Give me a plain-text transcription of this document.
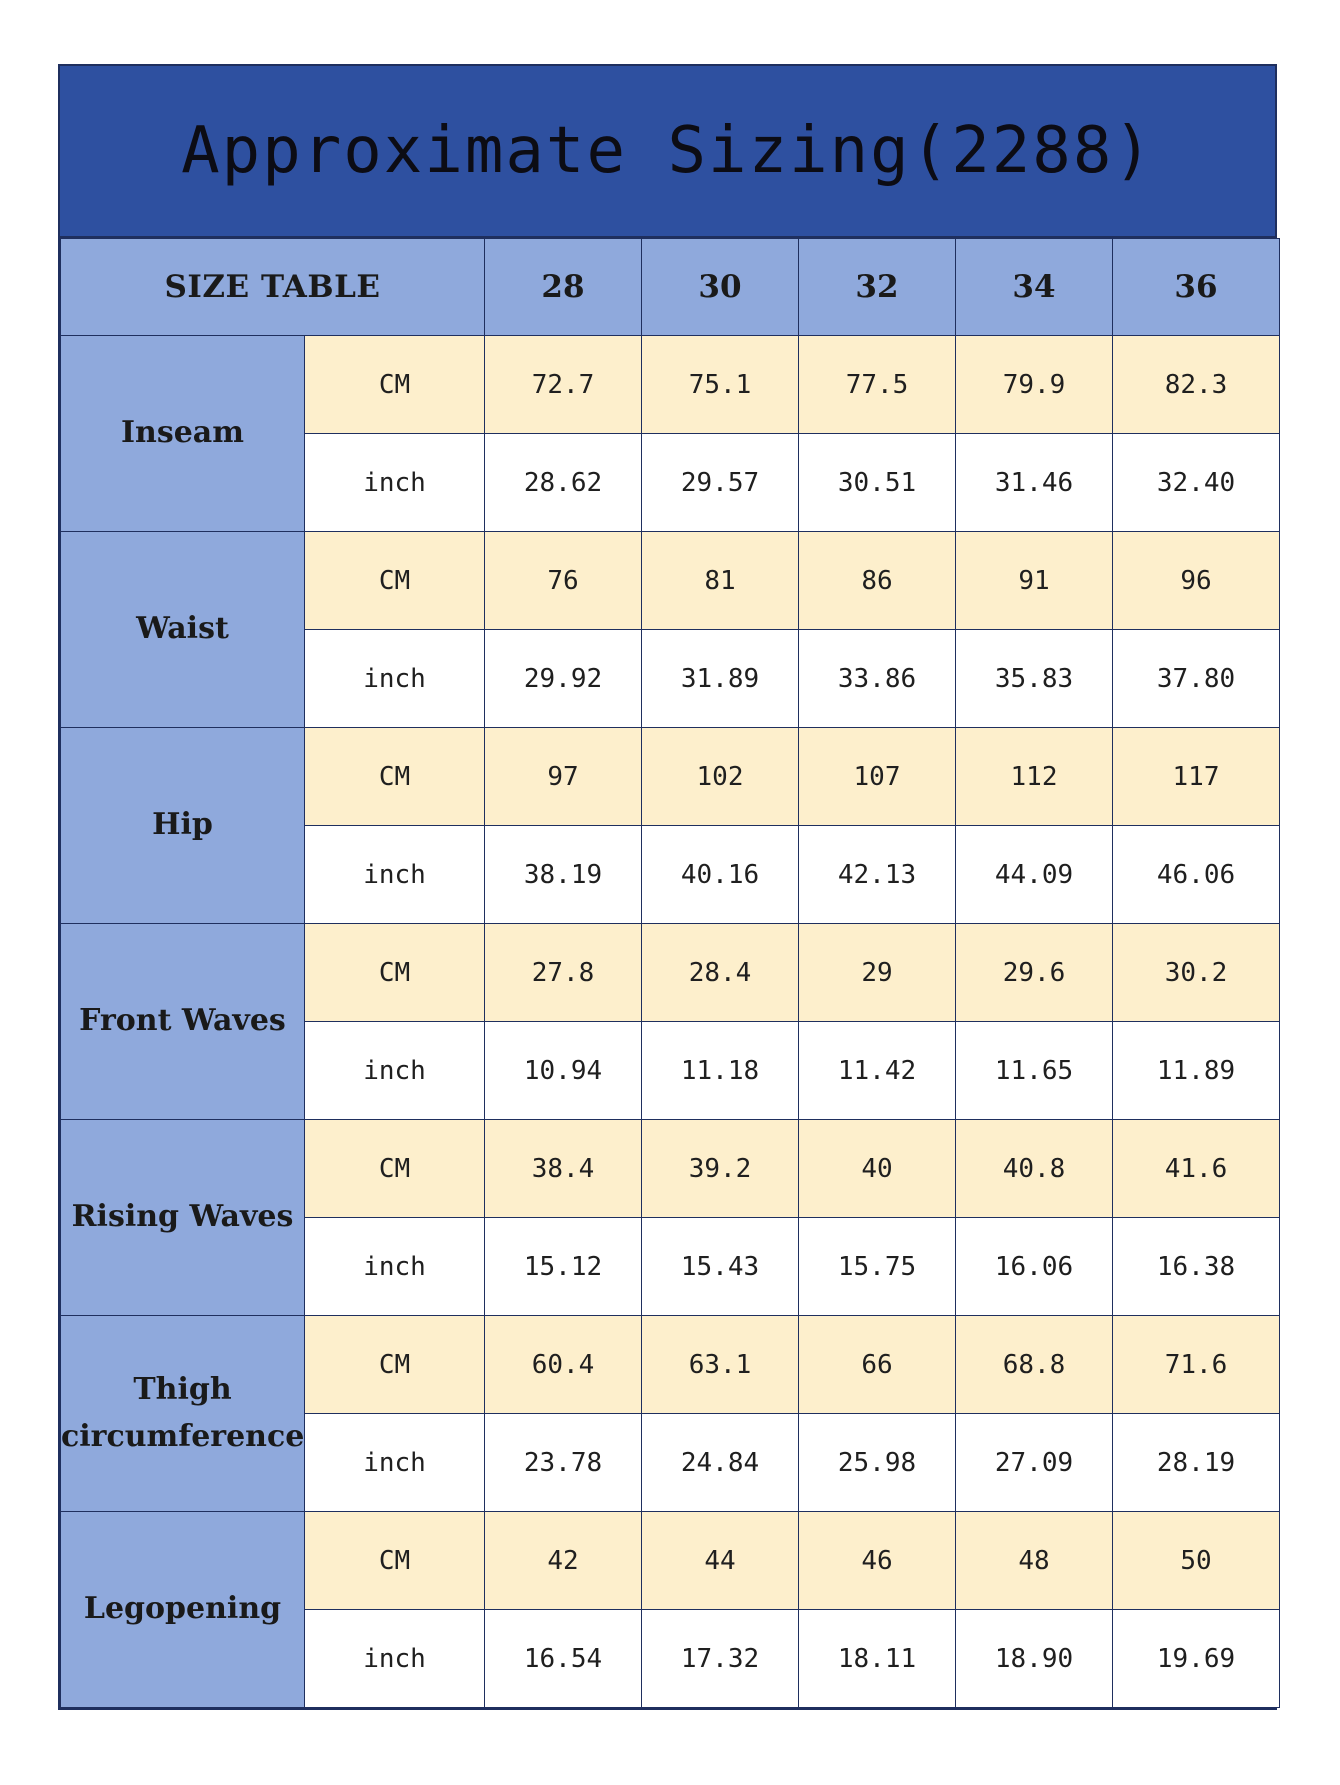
Approximate Sizing(2288)
SIZE TABLE		28	30	32	34	36
Inseam	CM	72.7	75.1	77.5	79.9	82.3
	inch	28.62	29.57	30.51	31.46	32.40
Waist	CM	76	81	86	91	96
	inch	29.92	31.89	33.86	35.83	37.80
Hip	CM	97	102	107	112	117
	inch	38.19	40.16	42.13	44.09	46.06
Front Waves	CM	27.8	28.4	29	29.6	30.2
	inch	10.94	11.18	11.42	11.65	11.89
Rising Waves	CM	38.4	39.2	40	40.8	41.6
	inch	15.12	15.43	15.75	16.06	16.38
Thigh circumference	CM	60.4	63.1	66	68.8	71.6
	inch	23.78	24.84	25.98	27.09	28.19
Legopening	CM	42	44	46	48	50
	inch	16.54	17.32	18.11	18.90	19.69
